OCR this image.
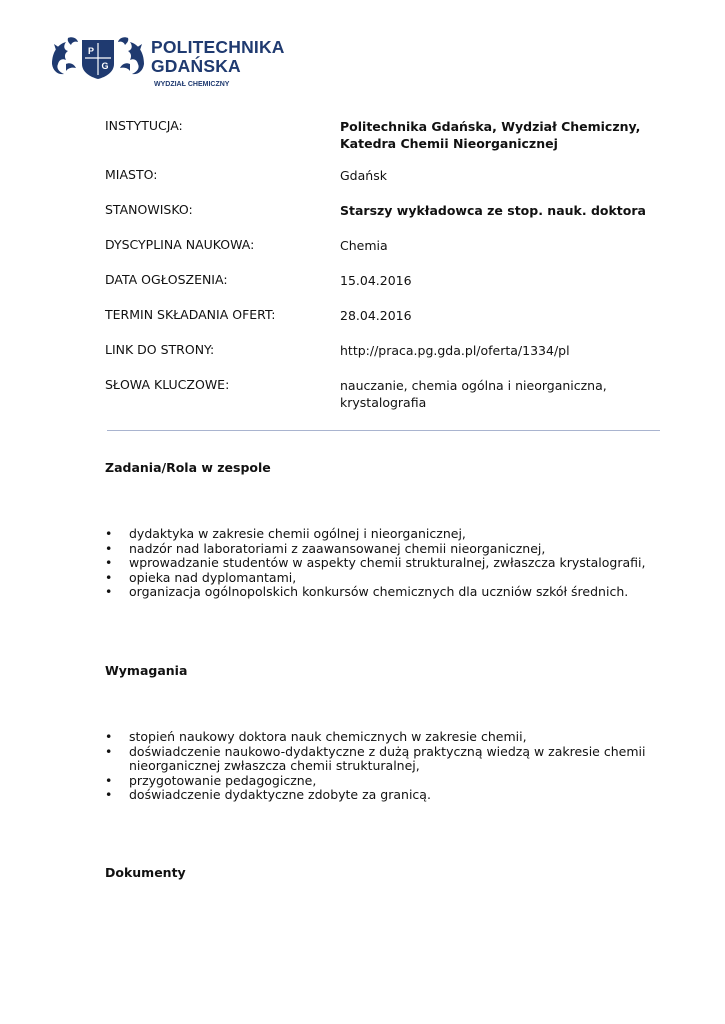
P
G
POLITECHNIKA
GDAŃSKA
WYDZIAŁ CHEMICZNY
INSTYTUCJA:	Politechnika Gdańska, Wydział Chemiczny,
Katedra Chemii Nieorganicznej
MIASTO:	Gdańsk
STANOWISKO:	Starszy wykładowca ze stop. nauk. doktora
DYSCYPLINA NAUKOWA:	Chemia
DATA OGŁOSZENIA:	15.04.2016
TERMIN SKŁADANIA OFERT:	28.04.2016
LINK DO STRONY:	http://praca.pg.gda.pl/oferta/1334/pl
SŁOWA KLUCZOWE:	nauczanie, chemia ogólna i nieorganiczna,
krystalografia
Zadania/Rola w zespole
• dydaktyka w zakresie chemii ogólnej i nieorganicznej,
• nadzór nad laboratoriami z zaawansowanej chemii nieorganicznej,
• wprowadzanie studentów w aspekty chemii strukturalnej, zwłaszcza krystalografii,
• opieka nad dyplomantami,
• organizacja ogólnopolskich konkursów chemicznych dla uczniów szkół średnich.
Wymagania
• stopień naukowy doktora nauk chemicznych w zakresie chemii,
• doświadczenie naukowo-dydaktyczne z dużą praktyczną wiedzą w zakresie chemii nieorganicznej zwłaszcza chemii strukturalnej,
• przygotowanie pedagogiczne,
• doświadczenie dydaktyczne zdobyte za granicą.
Dokumenty
